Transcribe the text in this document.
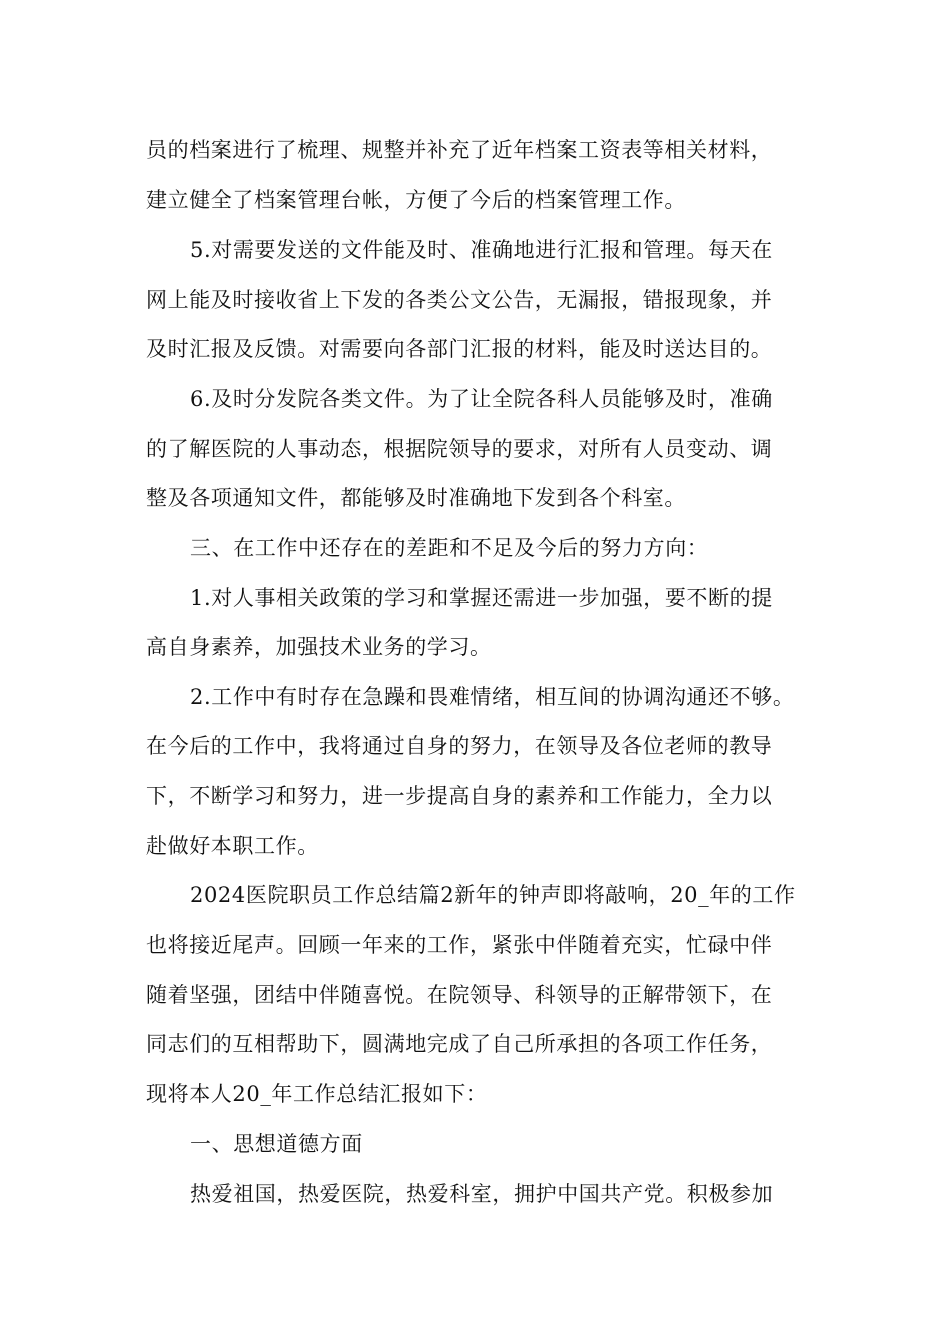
员的档案进行了梳理、规整并补充了近年档案工资表等相关材料，
建立健全了档案管理台帐，方便了今后的档案管理工作。
5.对需要发送的文件能及时、准确地进行汇报和管理。每天在
网上能及时接收省上下发的各类公文公告，无漏报，错报现象，并
及时汇报及反馈。对需要向各部门汇报的材料，能及时送达目的。
6.及时分发院各类文件。为了让全院各科人员能够及时，准确
的了解医院的人事动态，根据院领导的要求，对所有人员变动、调
整及各项通知文件，都能够及时准确地下发到各个科室。
三、在工作中还存在的差距和不足及今后的努力方向：
1.对人事相关政策的学习和掌握还需进一步加强，要不断的提
高自身素养，加强技术业务的学习。
2.工作中有时存在急躁和畏难情绪，相互间的协调沟通还不够。
在今后的工作中，我将通过自身的努力，在领导及各位老师的教导
下，不断学习和努力，进一步提高自身的素养和工作能力，全力以
赴做好本职工作。
2024医院职员工作总结篇2新年的钟声即将敲响，20_年的工作
也将接近尾声。回顾一年来的工作，紧张中伴随着充实，忙碌中伴
随着坚强，团结中伴随喜悦。在院领导、科领导的正解带领下，在
同志们的互相帮助下，圆满地完成了自己所承担的各项工作任务，
现将本人20_年工作总结汇报如下：
一、思想道德方面
热爱祖国，热爱医院，热爱科室，拥护中国共产党。积极参加
